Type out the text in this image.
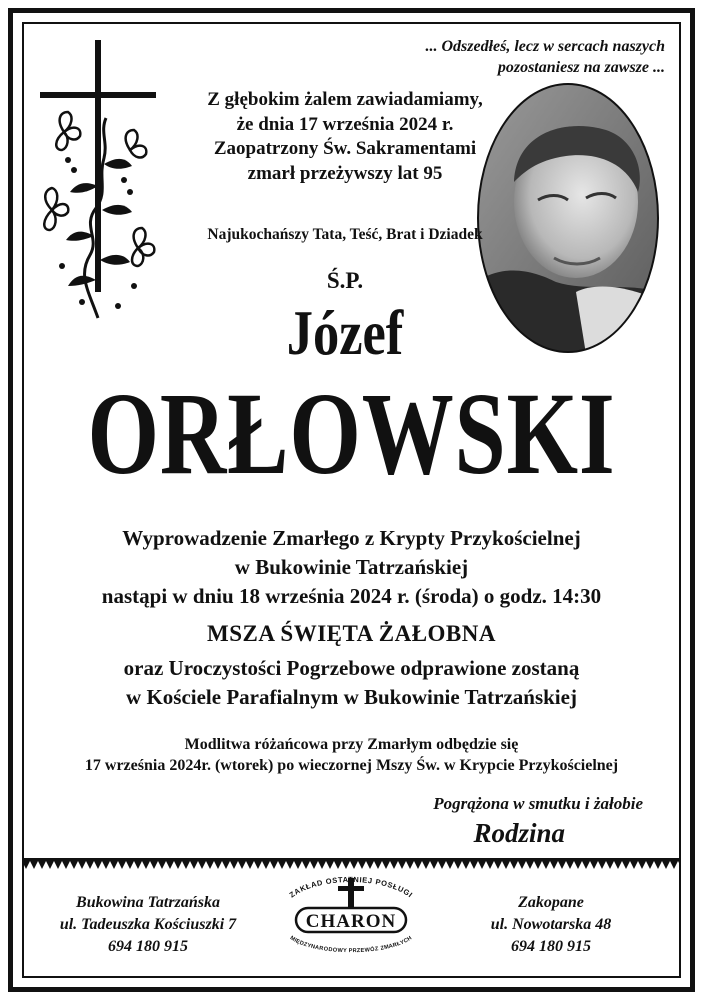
... Odszedłeś, lecz w sercach naszych
pozostaniesz na zawsze ...
Z głębokim żalem zawiadamiamy,
że dnia 17 września 2024 r.
Zaopatrzony Św. Sakramentami
zmarł przeżywszy lat 95
Najukochańszy Tata, Teść, Brat i Dziadek
Ś.P.
Józef
ORŁOWSKI
Wyprowadzenie Zmarłego z Krypty Przykościelnej
w Bukowinie Tatrzańskiej
nastąpi w dniu 18 września 2024 r. (środa) o godz. 14:30
MSZA ŚWIĘTA ŻAŁOBNA
oraz Uroczystości Pogrzebowe odprawione zostaną
w Kościele Parafialnym w Bukowinie Tatrzańskiej
Modlitwa różańcowa przy Zmarłym odbędzie się
17 września 2024r. (wtorek) po wieczornej Mszy Św. w Krypcie Przykościelnej
Pogrążona w smutku i żałobie
Rodzina
Bukowina Tatrzańska
ul. Tadeuszka Kościuszki 7
694 180 915
Zakopane
ul. Nowotarska 48
694 180 915
ZAKŁAD OSTATNIEJ POSŁUGI
CHARON
MIĘDZYNARODOWY PRZEWÓZ ZMARŁYCH
